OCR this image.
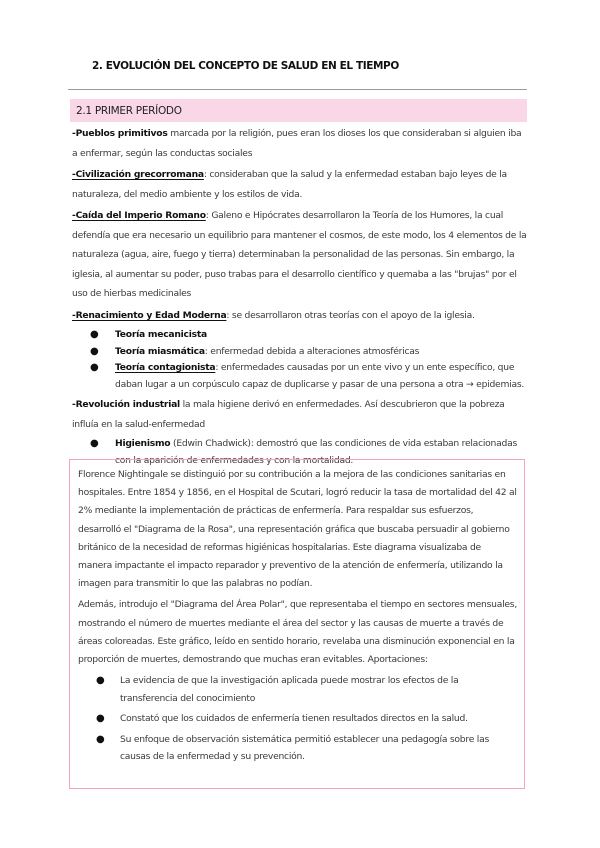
2. EVOLUCIÓN DEL CONCEPTO DE SALUD EN EL TIEMPO
2.1 PRIMER PERÍODO
-Pueblos primitivos marcada por la religión, pues eran los dioses los que consideraban si alguien iba a enfermar, según las conductas sociales
-Civilización grecorromana: consideraban que la salud y la enfermedad estaban bajo leyes de la naturaleza, del medio ambiente y los estilos de vida.
-Caída del Imperio Romano: Galeno e Hipócrates desarrollaron la Teoría de los Humores, la cual defendía que era necesario un equilibrio para mantener el cosmos, de este modo, los 4 elementos de la naturaleza (agua, aire, fuego y tierra) determinaban la personalidad de las personas. Sin embargo, la iglesia, al aumentar su poder, puso trabas para el desarrollo científico y quemaba a las "brujas" por el uso de hierbas medicinales
-Renacimiento y Edad Moderna: se desarrollaron otras teorías con el apoyo de la iglesia.
● Teoría mecanicista
● Teoría miasmática: enfermedad debida a alteraciones atmosféricas
● Teoría contagionista: enfermedades causadas por un ente vivo y un ente específico, que daban lugar a un corpúsculo capaz de duplicarse y pasar de una persona a otra → epidemias.
-Revolución industrial la mala higiene derivó en enfermedades. Así descubrieron que la pobreza influía en la salud-enfermedad
● Higienismo (Edwin Chadwick): demostró que las condiciones de vida estaban relacionadas con la aparición de enfermedades y con la mortalidad.
Florence Nightingale se distinguió por su contribución a la mejora de las condiciones sanitarias en hospitales. Entre 1854 y 1856, en el Hospital de Scutari, logró reducir la tasa de mortalidad del 42 al 2% mediante la implementación de prácticas de enfermería. Para respaldar sus esfuerzos, desarrolló el "Diagrama de la Rosa", una representación gráfica que buscaba persuadir al gobierno británico de la necesidad de reformas higiénicas hospitalarias. Este diagrama visualizaba de manera impactante el impacto reparador y preventivo de la atención de enfermería, utilizando la imagen para transmitir lo que las palabras no podían.
Además, introdujo el "Diagrama del Área Polar", que representaba el tiempo en sectores mensuales, mostrando el número de muertes mediante el área del sector y las causas de muerte a través de áreas coloreadas. Este gráfico, leído en sentido horario, revelaba una disminución exponencial en la proporción de muertes, demostrando que muchas eran evitables. Aportaciones:
● La evidencia de que la investigación aplicada puede mostrar los efectos de la transferencia del conocimiento
● Constató que los cuidados de enfermería tienen resultados directos en la salud.
● Su enfoque de observación sistemática permitió establecer una pedagogía sobre las causas de la enfermedad y su prevención.
